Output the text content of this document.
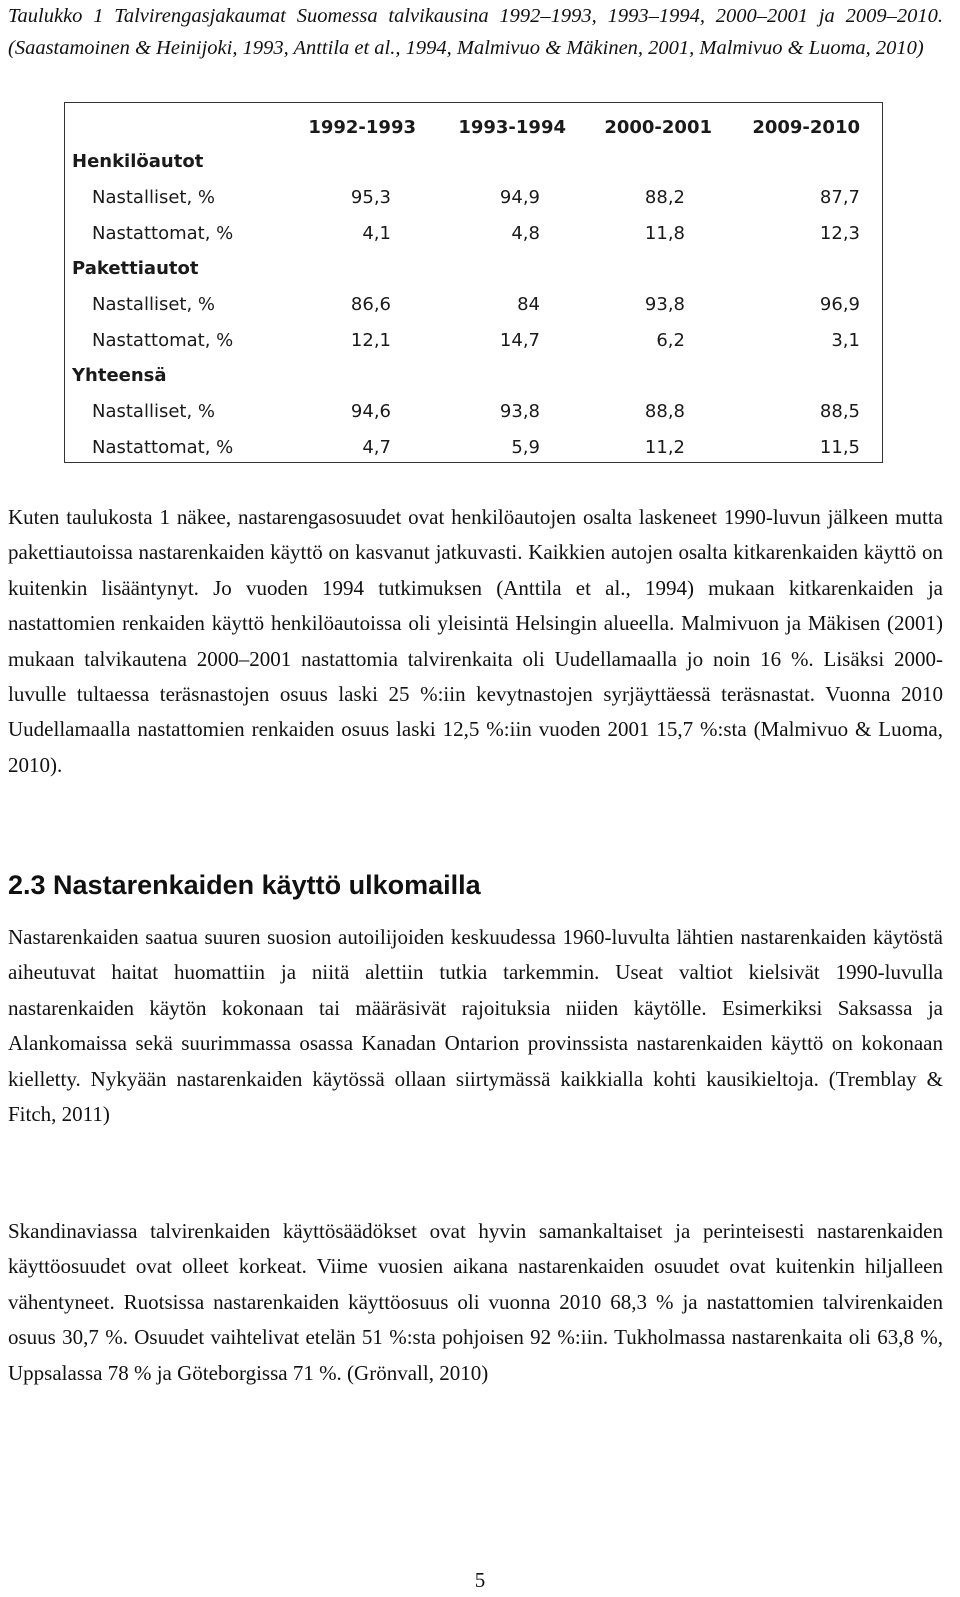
Taulukko 1 Talvirengasjakaumat Suomessa talvikausina 1992–1993, 1993–1994, 2000–2001 ja 2009–2010. (Saastamoinen & Heinijoki, 1993, Anttila et al., 1994, Malmivuo & Mäkinen, 2001, Malmivuo & Luoma, 2010)

1992-1993 1993-1994 2000-2001 2009-2010
Henkilöautot
Nastalliset, %	95,3	94,9	88,2	87,7
Nastattomat, %	4,1	4,8	11,8	12,3
Pakettiautot
Nastalliset, %	86,6	84	93,8	96,9
Nastattomat, %	12,1	14,7	6,2	3,1
Yhteensä
Nastalliset, %	94,6	93,8	88,8	88,5
Nastattomat, %	4,7	5,9	11,2	11,5

Kuten taulukosta 1 näkee, nastarengasosuudet ovat henkilöautojen osalta laskeneet 1990-luvun jälkeen mutta pakettiautoissa nastarenkaiden käyttö on kasvanut jatkuvasti. Kaikkien autojen osalta kitkarenkaiden käyttö on kuitenkin lisääntynyt. Jo vuoden 1994 tutkimuksen (Anttila et al., 1994) mukaan kitkarenkaiden ja nastattomien renkaiden käyttö henkilöautoissa oli yleisintä Helsingin alueella. Malmivuon ja Mäkisen (2001) mukaan talvikautena 2000–2001 nastattomia talvirenkaita oli Uudellamaalla jo noin 16 %. Lisäksi 2000-luvulle tultaessa teräsnastojen osuus laski 25 %:iin kevytnastojen syrjäyttäessä teräsnastat. Vuonna 2010 Uudellamaalla nastattomien renkaiden osuus laski 12,5 %:iin vuoden 2001 15,7 %:sta (Malmivuo & Luoma, 2010).

2.3 Nastarenkaiden käyttö ulkomailla

Nastarenkaiden saatua suuren suosion autoilijoiden keskuudessa 1960-luvulta lähtien nastarenkaiden käytöstä aiheutuvat haitat huomattiin ja niitä alettiin tutkia tarkemmin. Useat valtiot kielsivät 1990-luvulla nastarenkaiden käytön kokonaan tai määräsivät rajoituksia niiden käytölle. Esimerkiksi Saksassa ja Alankomaissa sekä suurimmassa osassa Kanadan Ontarion provinssista nastarenkaiden käyttö on kokonaan kielletty. Nykyään nastarenkaiden käytössä ollaan siirtymässä kaikkialla kohti kausikieltoja. (Tremblay & Fitch, 2011)

Skandinaviassa talvirenkaiden käyttösäädökset ovat hyvin samankaltaiset ja perinteisesti nastarenkaiden käyttöosuudet ovat olleet korkeat. Viime vuosien aikana nastarenkaiden osuudet ovat kuitenkin hiljalleen vähentyneet. Ruotsissa nastarenkaiden käyttöosuus oli vuonna 2010 68,3 % ja nastattomien talvirenkaiden osuus 30,7 %. Osuudet vaihtelivat etelän 51 %:sta pohjoisen 92 %:iin. Tukholmassa nastarenkaita oli 63,8 %, Uppsalassa 78 % ja Göteborgissa 71 %. (Grönvall, 2010)

5
